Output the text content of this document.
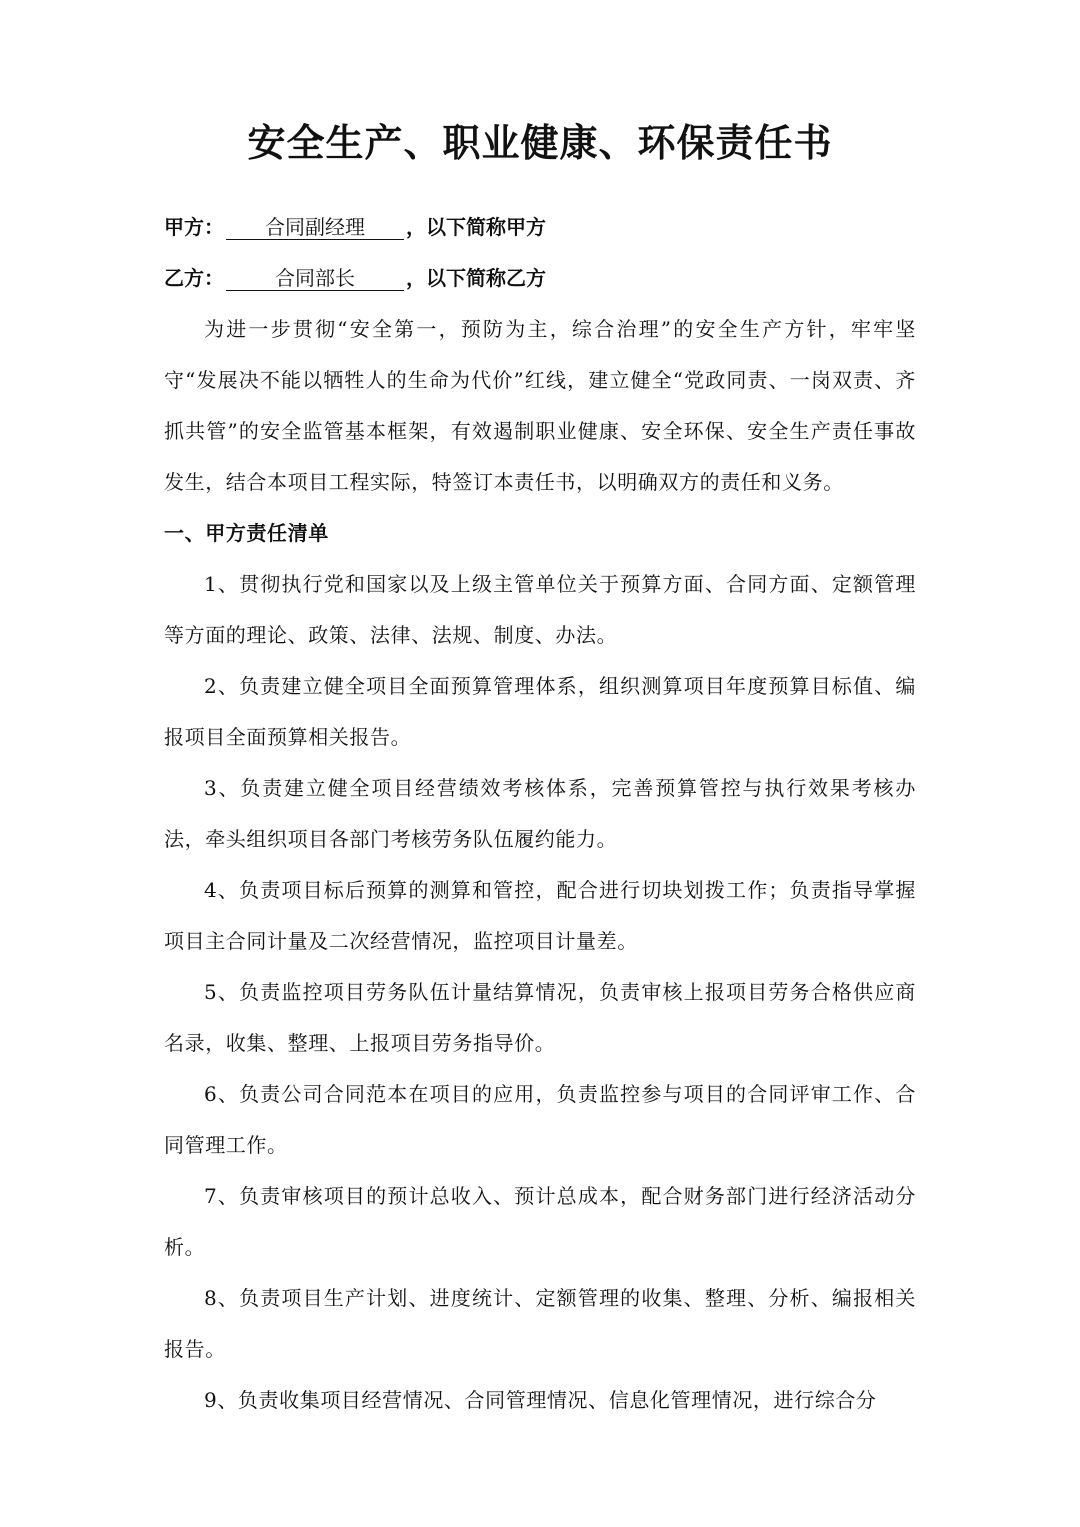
安全生产、职业健康、环保责任书
甲方： 合同副经理 ，以下简称甲方
乙方：	合同部长	，以下简称乙方

为进一步贯彻“安全第一，预防为主，综合治理”的安全生产方针，牢牢坚守“发展决不能以牺牲人的生命为代价”红线，建立健全“党政同责、一岗双责、齐抓共管”的安全监管基本框架，有效遏制职业健康、安全环保、安全生产责任事故发生，结合本项目工程实际，特签订本责任书，以明确双方的责任和义务。

一、甲方责任清单

1、贯彻执行党和国家以及上级主管单位关于预算方面、合同方面、定额管理等方面的理论、政策、法律、法规、制度、办法。

2、负责建立健全项目全面预算管理体系，组织测算项目年度预算目标值、编报项目全面预算相关报告。

3、负责建立健全项目经营绩效考核体系，完善预算管控与执行效果考核办法，牵头组织项目各部门考核劳务队伍履约能力。

4、负责项目标后预算的测算和管控，配合进行切块划拨工作；负责指导掌握项目主合同计量及二次经营情况，监控项目计量差。

5、负责监控项目劳务队伍计量结算情况，负责审核上报项目劳务合格供应商名录，收集、整理、上报项目劳务指导价。

6、负责公司合同范本在项目的应用，负责监控参与项目的合同评审工作、合同管理工作。

7、负责审核项目的预计总收入、预计总成本，配合财务部门进行经济活动分析。

8、负责项目生产计划、进度统计、定额管理的收集、整理、分析、编报相关报告。

9、负责收集项目经营情况、合同管理情况、信息化管理情况，进行综合分
